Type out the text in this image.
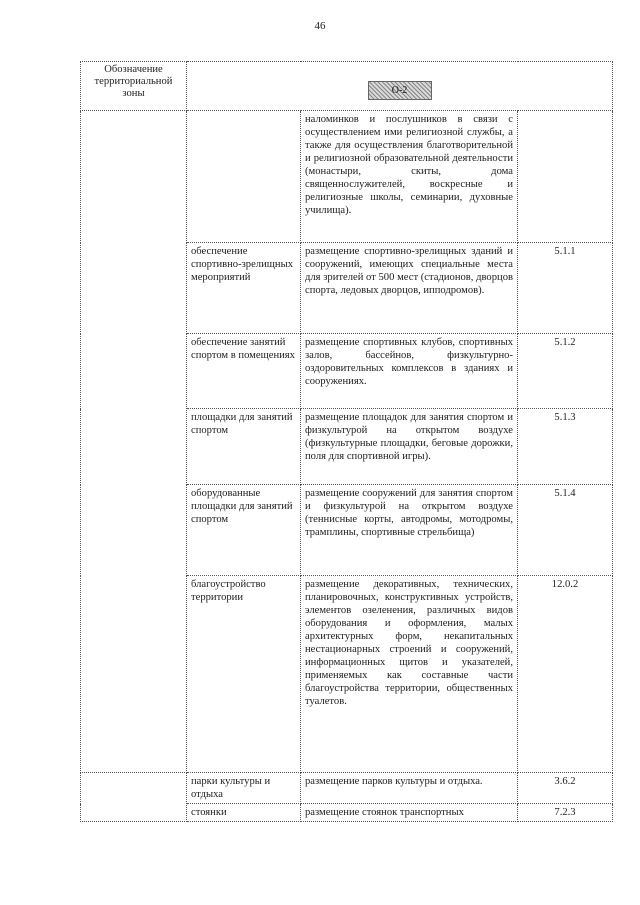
46
Обозначение территориальной зоны	О-2		
		наломинков и послушников в связи с осуществлением ими религиозной службы, а также для осуществления благотворительной и религиозной образовательной деятельности (монастыри, скиты, дома священнослужителей, воскресные и религиозные школы, семинарии, духовные училища).	
	обеспечение спортивно-зрелищных мероприятий	размещение спортивно-зрелищных зданий и сооружений, имеющих специальные места для зрителей от 500 мест (стадионов, дворцов спорта, ледовых дворцов, ипподромов).	5.1.1
	обеспечение занятий спортом в помещениях	размещение спортивных клубов, спортивных залов, бассейнов, физкультурно-оздоровительных комплексов в зданиях и сооружениях.	5.1.2
	площадки для занятий спортом	размещение площадок для занятия спортом и физкультурой на открытом воздухе (физкультурные площадки, беговые дорожки, поля для спортивной игры).	5.1.3
	оборудованные площадки для занятий спортом	размещение сооружений для занятия спортом и физкультурой на открытом воздухе (теннисные корты, автодромы, мотодромы, трамплины, спортивные стрельбища)	5.1.4
	благоустройство территории	размещение декоративных, технических, планировочных, конструктивных устройств, элементов озеленения, различных видов оборудования и оформления, малых архитектурных форм, некапитальных нестационарных строений и сооружений, информационных щитов и указателей, применяемых как составные части благоустройства территории, общественных туалетов.	12.0.2
	парки культуры и отдыха	размещение парков культуры и отдыха.	3.6.2
	стоянки	размещение стоянок транспортных	7.2.3
